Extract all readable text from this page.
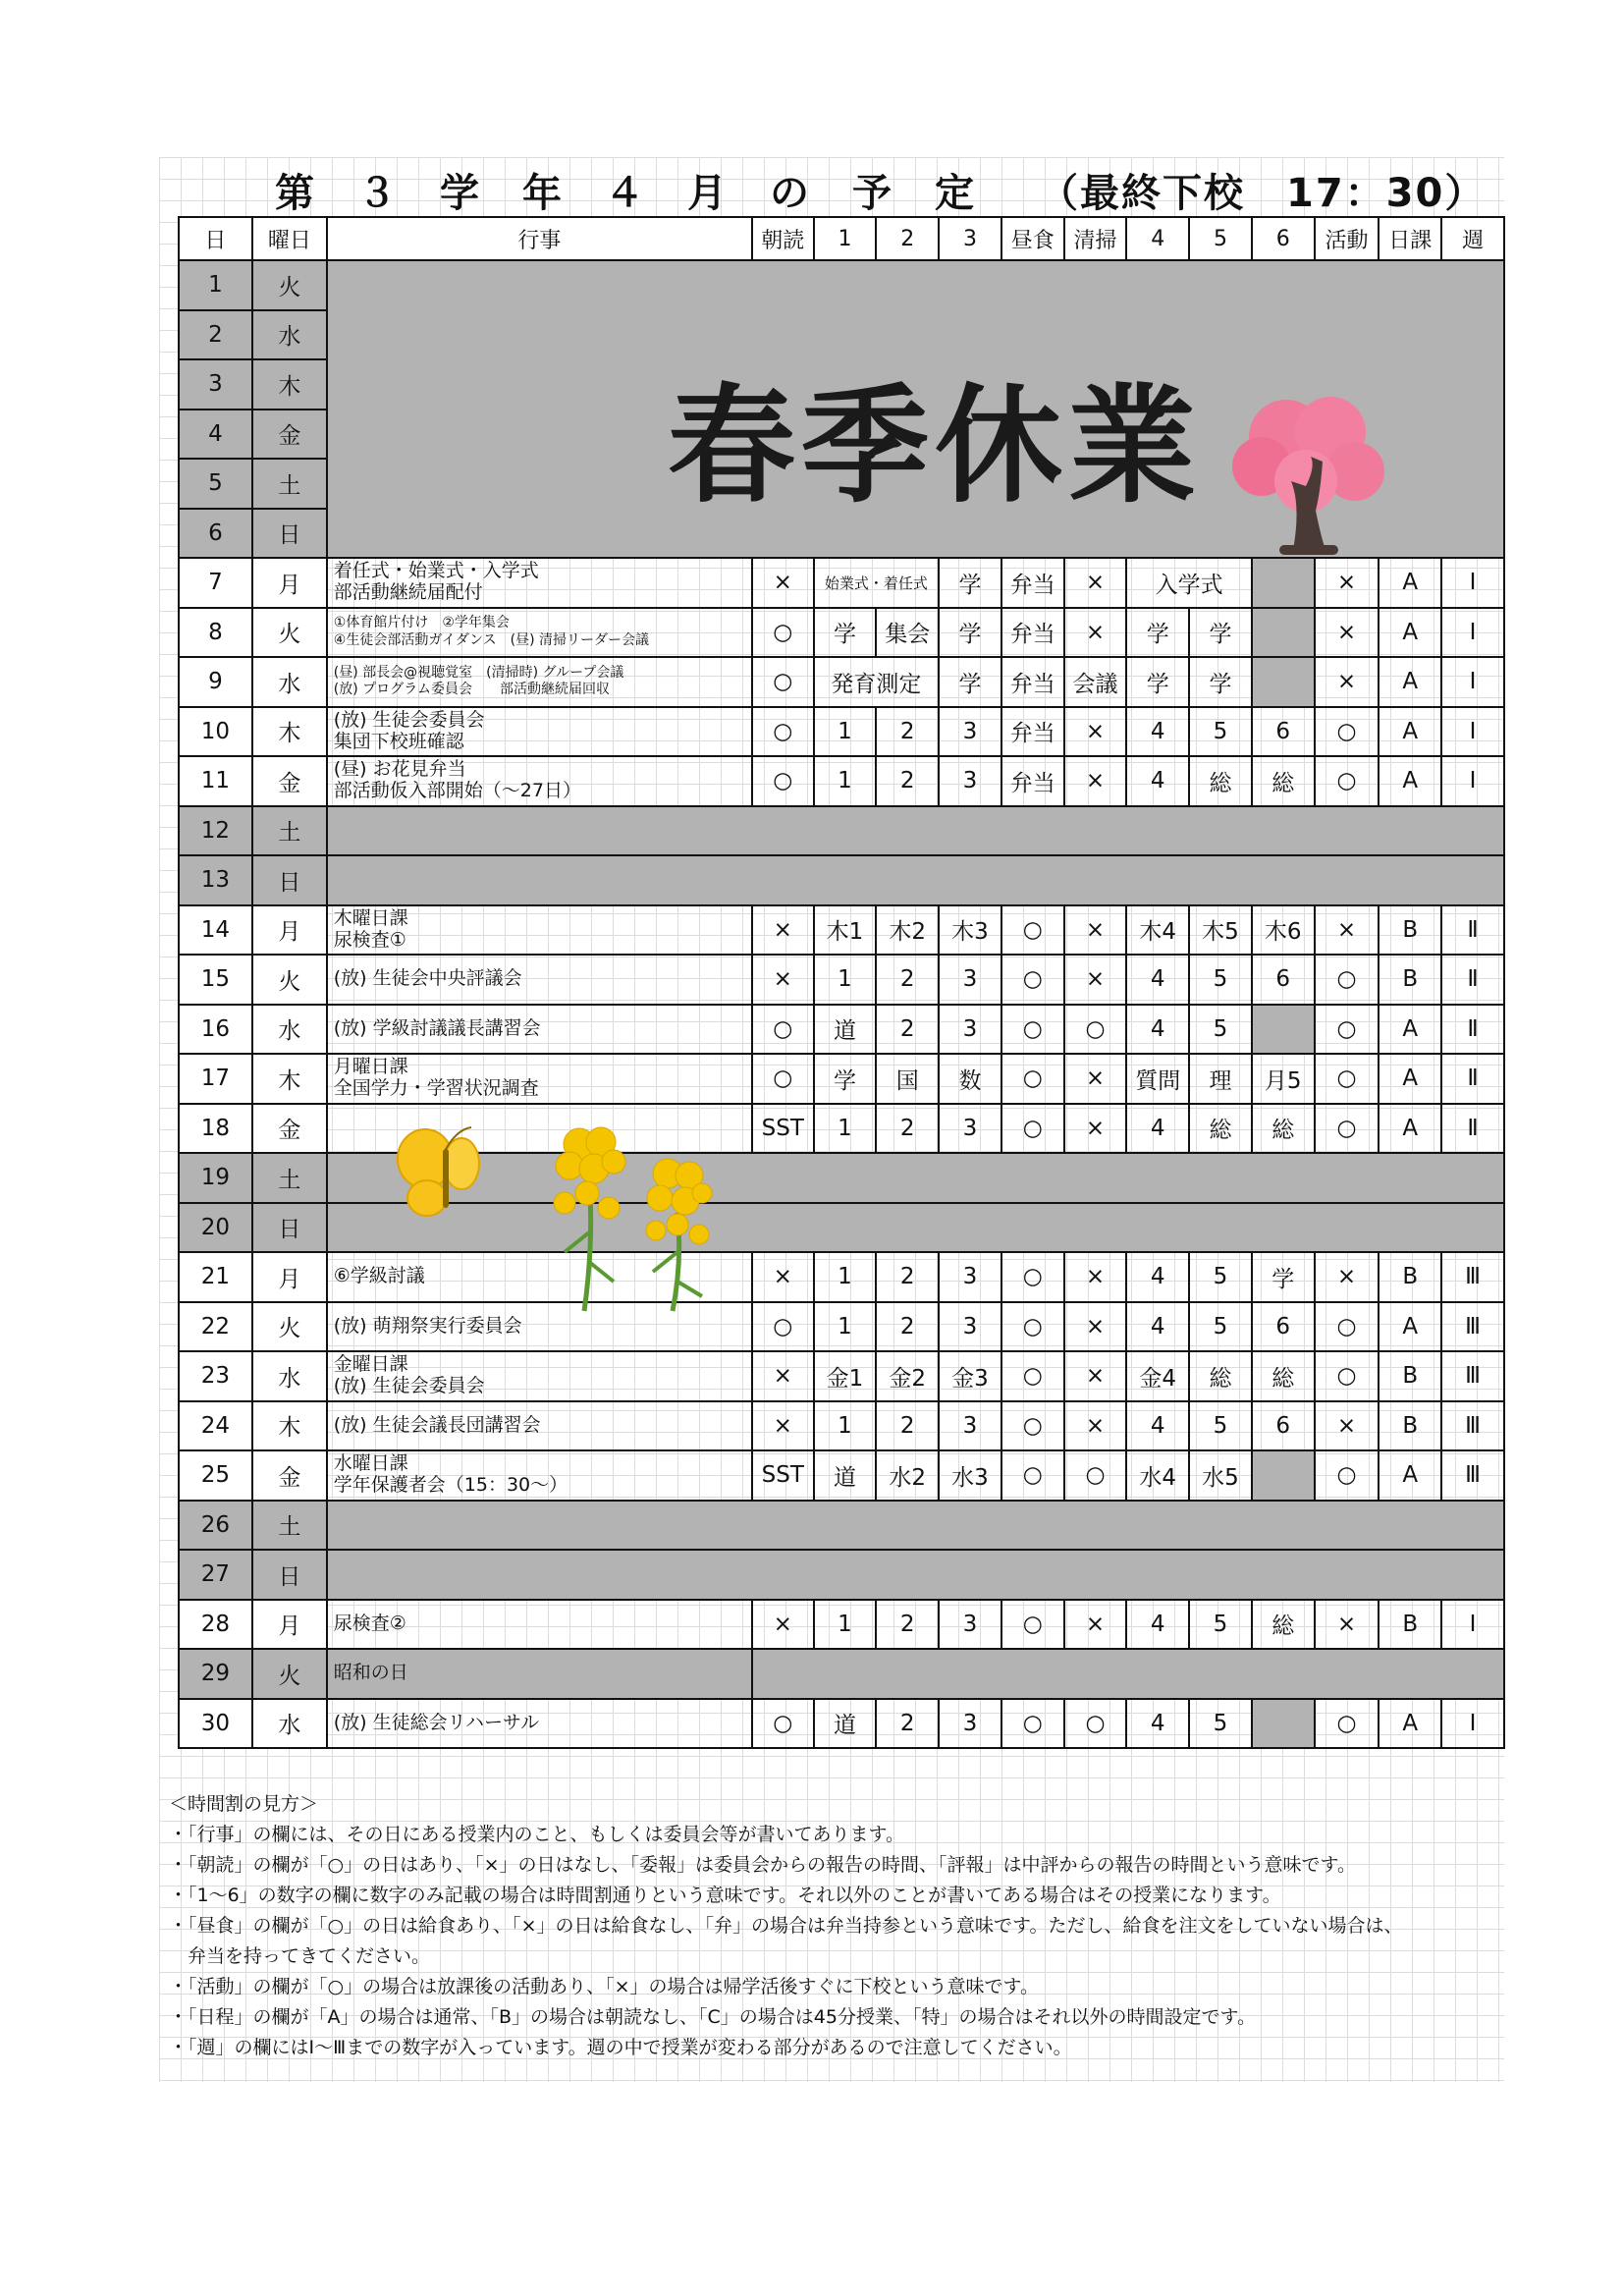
第　３　学　年　４　月　の　予　定　　（最終下校　17：30）
日	曜日	行事	朝読	1	2	3	昼食	清掃	4	5	6	活動	日課	週
1	火													
2	水													
3	木													
4	金													
5	土													
6	日													
7	月	着任式・始業式・入学式
部活動継続届配付	×	始業式・着任式		学	弁当	×	入学式			×	A	Ⅰ
8	火	①体育館片付け　②学年集会
④生徒会部活動ガイダンス　(昼) 清掃リーダー会議	○	学	集会	学	弁当	×	学	学		×	A	Ⅰ
9	水	(昼) 部長会@視聴覚室　(清掃時) グループ会議
(放) プログラム委員会　　部活動継続届回収	○	発育測定		学	弁当	会議	学	学		×	A	Ⅰ
10	木	(放) 生徒会委員会
集団下校班確認	○	1	2	3	弁当	×	4	5	6	○	A	Ⅰ
11	金	(昼) お花見弁当
部活動仮入部開始（～27日）	○	1	2	3	弁当	×	4	総	総	○	A	Ⅰ
12	土													
13	日													
14	月	木曜日課
尿検査①	×	木1	木2	木3	○	×	木4	木5	木6	×	B	Ⅱ
15	火	(放) 生徒会中央評議会	×	1	2	3	○	×	4	5	6	○	B	Ⅱ
16	水	(放) 学級討議議長講習会	○	道	2	3	○	○	4	5		○	A	Ⅱ
17	木	月曜日課
全国学力・学習状況調査	○	学	国	数	○	×	質問	理	月5	○	A	Ⅱ
18	金		SST	1	2	3	○	×	4	総	総	○	A	Ⅱ
19	土													
20	日													
21	月	⑥学級討議	×	1	2	3	○	×	4	5	学	×	B	Ⅲ
22	火	(放) 萌翔祭実行委員会	○	1	2	3	○	×	4	5	6	○	A	Ⅲ
23	水	金曜日課
(放) 生徒会委員会	×	金1	金2	金3	○	×	金4	総	総	○	B	Ⅲ
24	木	(放) 生徒会議長団講習会	×	1	2	3	○	×	4	5	6	×	B	Ⅲ
25	金	水曜日課
学年保護者会（15：30～）	SST	道	水2	水3	○	○	水4	水5		○	A	Ⅲ
26	土													
27	日													
28	月	尿検査②	×	1	2	3	○	×	4	5	総	×	B	Ⅰ
29	火	昭和の日												
30	水	(放) 生徒総会リハーサル	○	道	2	3	○	○	4	5		○	A	Ⅰ
春季休業
＜時間割の見方＞
・「行事」の欄には、その日にある授業内のこと、もしくは委員会等が書いてあります。
・「朝読」の欄が「○」の日はあり、「×」の日はなし、「委報」は委員会からの報告の時間、「評報」は中評からの報告の時間という意味です。
・「1～6」の数字の欄に数字のみ記載の場合は時間割通りという意味です。それ以外のことが書いてある場合はその授業になります。
・「昼食」の欄が「○」の日は給食あり、「×」の日は給食なし、「弁」の場合は弁当持参という意味です。ただし、給食を注文をしていない場合は、
　弁当を持ってきてください。
・「活動」の欄が「○」の場合は放課後の活動あり、「×」の場合は帰学活後すぐに下校という意味です。
・「日程」の欄が「A」の場合は通常、「B」の場合は朝読なし、「C」の場合は45分授業、「特」の場合はそれ以外の時間設定です。
・「週」の欄にはⅠ～Ⅲまでの数字が入っています。週の中で授業が変わる部分があるので注意してください。
